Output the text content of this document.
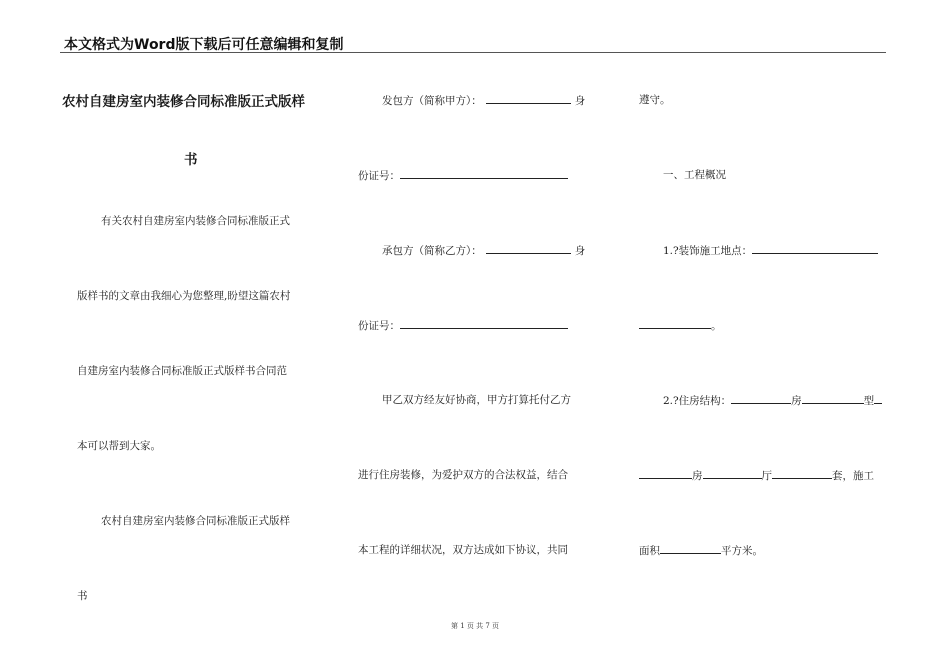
本文格式为Word版下载后可任意编辑和复制
农村自建房室内装修合同标准版正式版样
书
有关农村自建房室内装修合同标准版正式
版样书的文章由我细心为您整理,盼望这篇农村
自建房室内装修合同标准版正式版样书合同范
本可以帮到大家。
农村自建房室内装修合同标准版正式版样
书
发包方（简称甲方）：	身
份证号：
承包方（简称乙方）：	身
份证号：
甲乙双方经友好协商，甲方打算托付乙方
进行住房装修，为爱护双方的合法权益，结合
本工程的详细状况，双方达成如下协议，共同
遵守。
一、工程概况
1.?装饰施工地点：
。
2.?住房结构：	房	型
房	厅	套，施工
面积	平方米。
第 1 页 共 7 页
